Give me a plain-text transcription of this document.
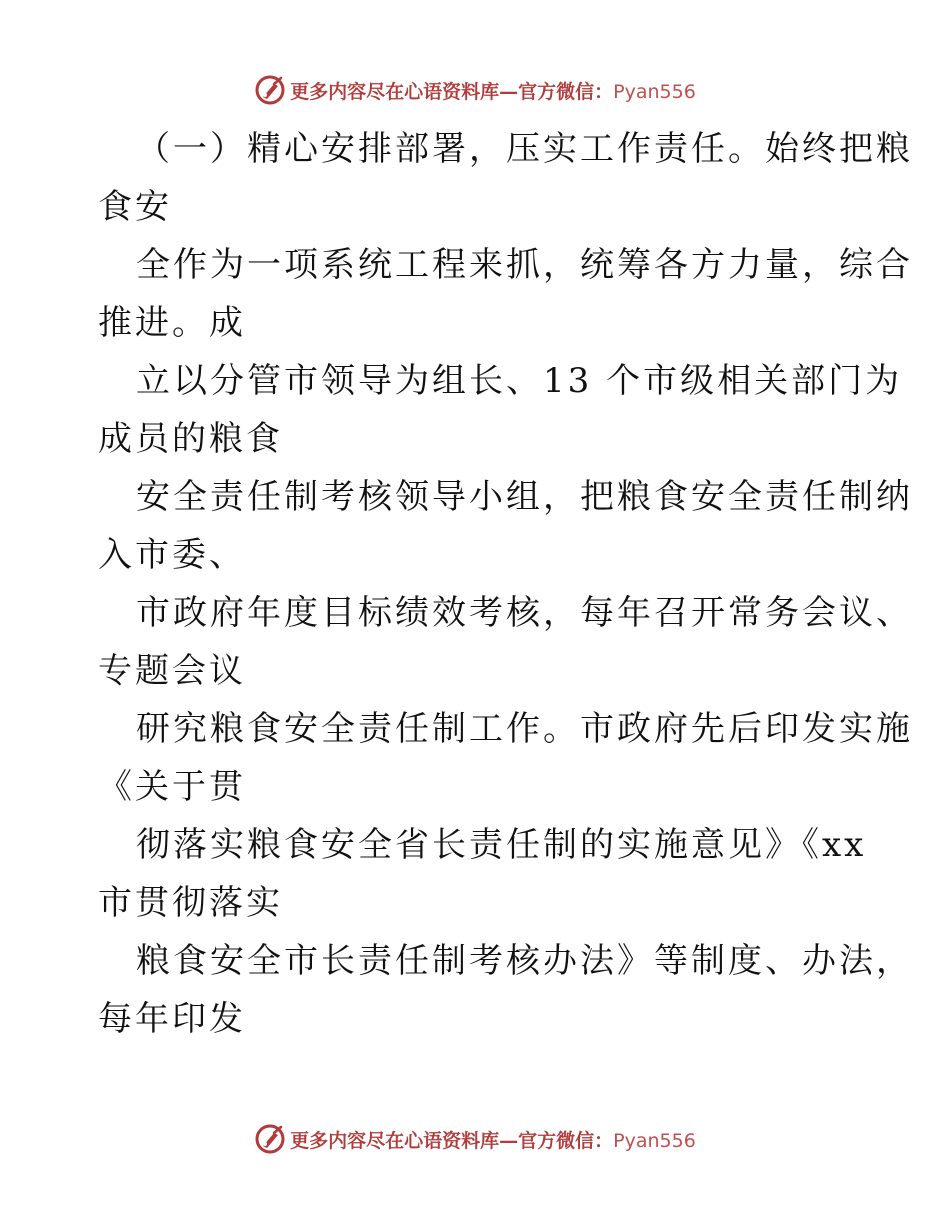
更多内容尽在心语资料库—官方微信：Pyan556
（一）精心安排部署，压实工作责任。始终把粮
食安
全作为一项系统工程来抓，统筹各方力量，综合
推进。成
立以分管市领导为组长、13 个市级相关部门为
成员的粮食
安全责任制考核领导小组，把粮食安全责任制纳
入市委、
市政府年度目标绩效考核，每年召开常务会议、
专题会议
研究粮食安全责任制工作。市政府先后印发实施
《关于贯
彻落实粮食安全省长责任制的实施意见》《xx
市贯彻落实
粮食安全市长责任制考核办法》等制度、办法，
每年印发
更多内容尽在心语资料库—官方微信：Pyan556
